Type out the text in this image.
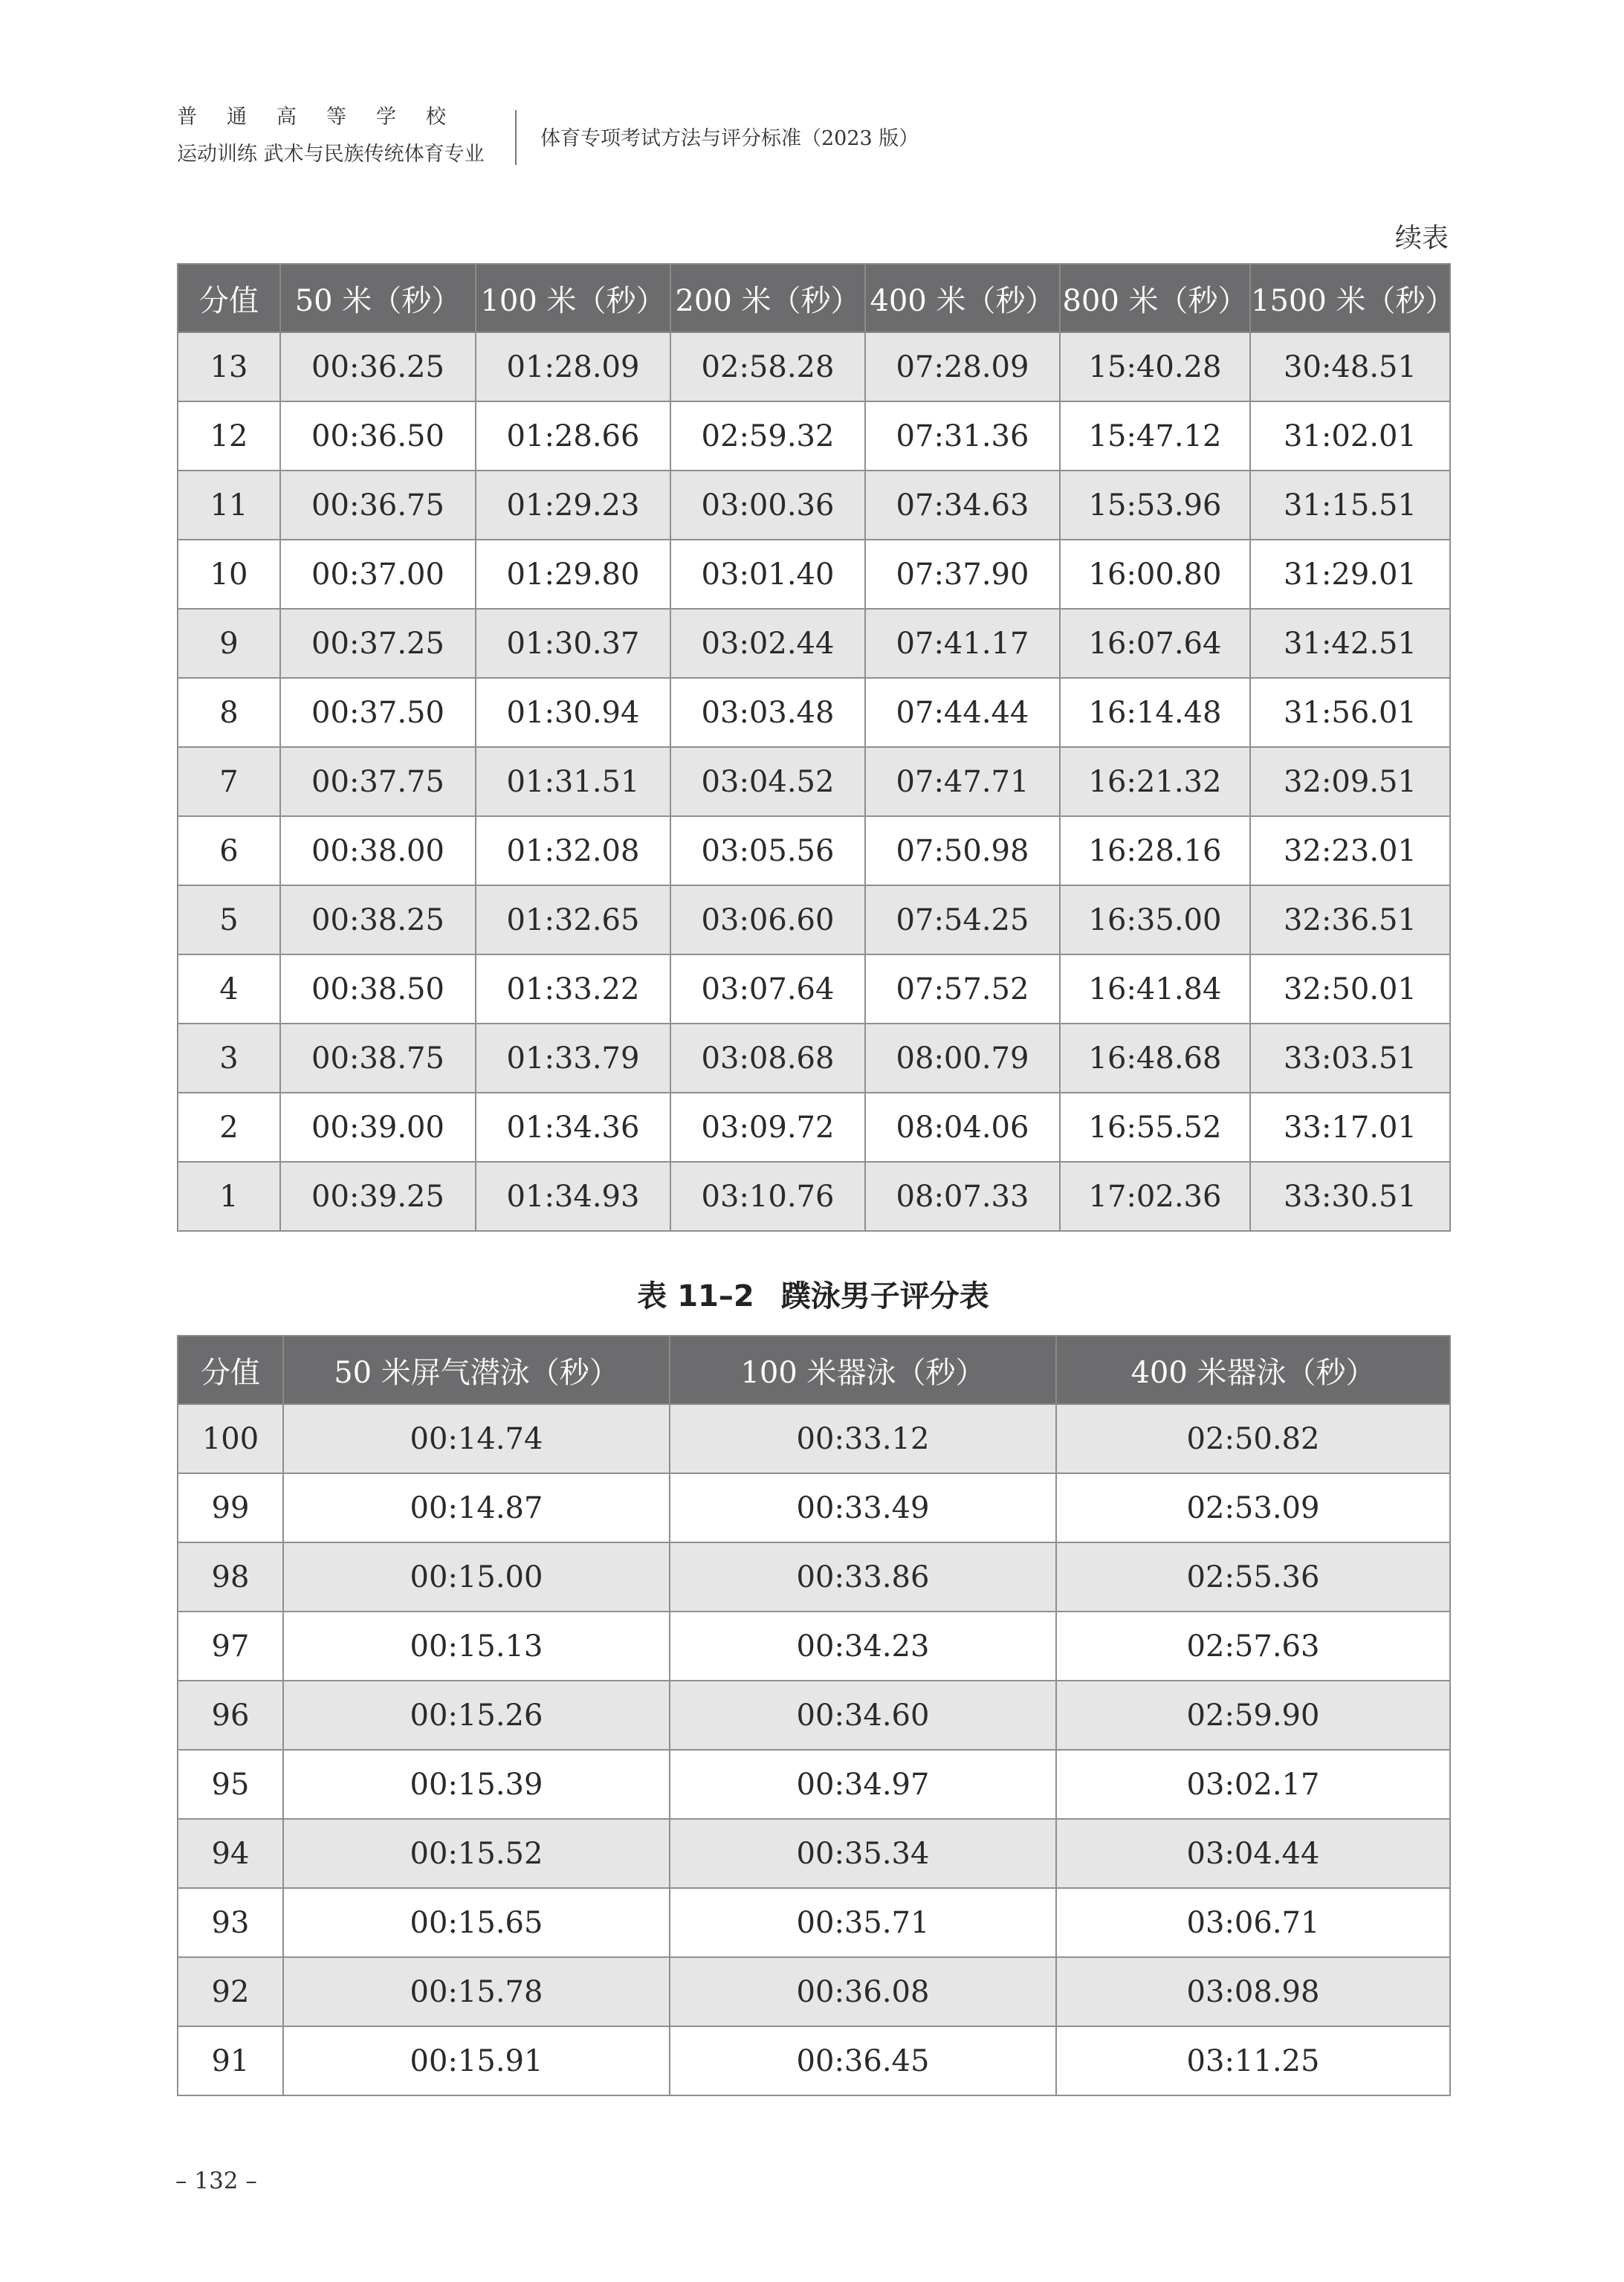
普通高等学校
运动训练 武术与民族传统体育专业
体育专项考试方法与评分标准（2023 版）
续表
分值	50 米（秒）	100 米（秒）	200 米（秒）	400 米（秒）	800 米（秒）	1500 米（秒）
13	00:36.25	01:28.09	02:58.28	07:28.09	15:40.28	30:48.51
12	00:36.50	01:28.66	02:59.32	07:31.36	15:47.12	31:02.01
11	00:36.75	01:29.23	03:00.36	07:34.63	15:53.96	31:15.51
10	00:37.00	01:29.80	03:01.40	07:37.90	16:00.80	31:29.01
9	00:37.25	01:30.37	03:02.44	07:41.17	16:07.64	31:42.51
8	00:37.50	01:30.94	03:03.48	07:44.44	16:14.48	31:56.01
7	00:37.75	01:31.51	03:04.52	07:47.71	16:21.32	32:09.51
6	00:38.00	01:32.08	03:05.56	07:50.98	16:28.16	32:23.01
5	00:38.25	01:32.65	03:06.60	07:54.25	16:35.00	32:36.51
4	00:38.50	01:33.22	03:07.64	07:57.52	16:41.84	32:50.01
3	00:38.75	01:33.79	03:08.68	08:00.79	16:48.68	33:03.51
2	00:39.00	01:34.36	03:09.72	08:04.06	16:55.52	33:17.01
1	00:39.25	01:34.93	03:10.76	08:07.33	17:02.36	33:30.51
表 11–2 蹼泳男子评分表
分值	50 米屏气潜泳（秒）	100 米器泳（秒）	400 米器泳（秒）
100	00:14.74	00:33.12	02:50.82
99	00:14.87	00:33.49	02:53.09
98	00:15.00	00:33.86	02:55.36
97	00:15.13	00:34.23	02:57.63
96	00:15.26	00:34.60	02:59.90
95	00:15.39	00:34.97	03:02.17
94	00:15.52	00:35.34	03:04.44
93	00:15.65	00:35.71	03:06.71
92	00:15.78	00:36.08	03:08.98
91	00:15.91	00:36.45	03:11.25
– 132 –
